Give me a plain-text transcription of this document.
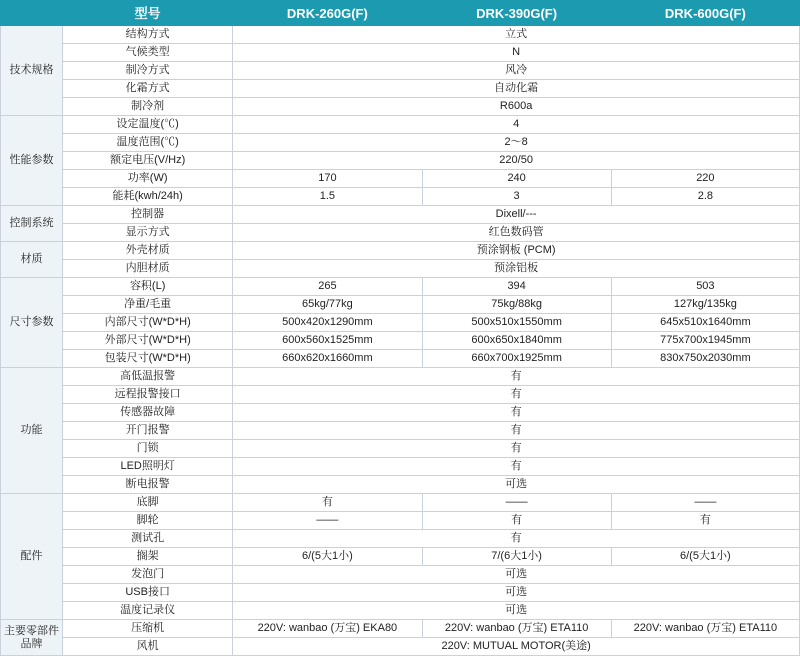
	型号	DRK-260G(F)	DRK-390G(F)	DRK-600G(F)
技术规格	结构方式	立式		
	气候类型	N		
	制冷方式	风冷		
	化霜方式	自动化霜		
	制冷剂	R600a		
性能参数	设定温度(℃)	4		
	温度范围(℃)	2～8		
	额定电压(V/Hz)	220/50		
	功率(W)	170	240	220
	能耗(kwh/24h)	1.5	3	2.8
控制系统	控制器	Dixell/---		
	显示方式	红色数码管		
材质	外壳材质	预涂钢板 (PCM)		
	内胆材质	预涂铝板		
尺寸参数	容积(L)	265	394	503
	净重/毛重	65kg/77kg	75kg/88kg	127kg/135kg
	内部尺寸(W*D*H)	500x420x1290mm	500x510x1550mm	645x510x1640mm
	外部尺寸(W*D*H)	600x560x1525mm	600x650x1840mm	775x700x1945mm
	包装尺寸(W*D*H)	660x620x1660mm	660x700x1925mm	830x750x2030mm
功能	高低温报警	有		
	远程报警接口	有		
	传感器故障	有		
	开门报警	有		
	门锁	有		
	LED照明灯	有		
	断电报警	可选		
配件	底脚	有	——	——
	脚轮	——	有	有
	测试孔	有		
	搁架	6/(5大1小)	7/(6大1小)	6/(5大1小)
	发泡门	可选		
	USB接口	可选		
	温度记录仪	可选		
主要零部件品牌	压缩机	220V: wanbao (万宝) EKA80	220V: wanbao (万宝) ETA110	220V: wanbao (万宝) ETA110
	风机	220V: MUTUAL MOTOR(美途)		
